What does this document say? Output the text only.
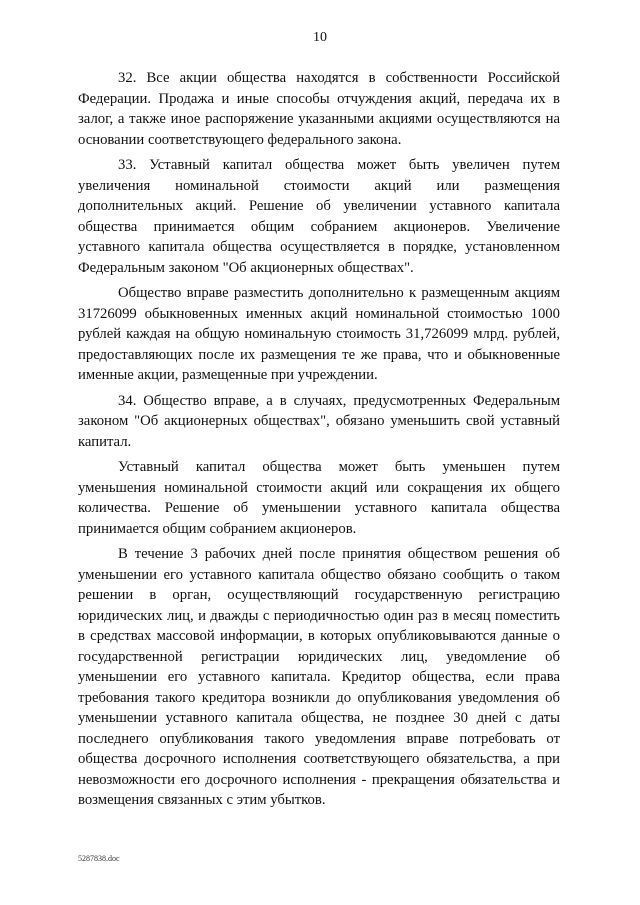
10

32. Все акции общества находятся в собственности Российской Федерации. Продажа и иные способы отчуждения акций, передача их в залог, а также иное распоряжение указанными акциями осуществляются на основании соответствующего федерального закона.

33. Уставный капитал общества может быть увеличен путем увеличения номинальной стоимости акций или размещения дополнительных акций. Решение об увеличении уставного капитала общества принимается общим собранием акционеров. Увеличение уставного капитала общества осуществляется в порядке, установленном Федеральным законом "Об акционерных обществах".

Общество вправе разместить дополнительно к размещенным акциям 31726099 обыкновенных именных акций номинальной стоимостью 1000 рублей каждая на общую номинальную стоимость 31,726099 млрд. рублей, предоставляющих после их размещения те же права, что и обыкновенные именные акции, размещенные при учреждении.

34. Общество вправе, а в случаях, предусмотренных Федеральным законом "Об акционерных обществах", обязано уменьшить свой уставный капитал.

Уставный капитал общества может быть уменьшен путем уменьшения номинальной стоимости акций или сокращения их общего количества. Решение об уменьшении уставного капитала общества принимается общим собранием акционеров.

В течение 3 рабочих дней после принятия обществом решения об уменьшении его уставного капитала общество обязано сообщить о таком решении в орган, осуществляющий государственную регистрацию юридических лиц, и дважды с периодичностью один раз в месяц поместить в средствах массовой информации, в которых опубликовываются данные о государственной регистрации юридических лиц, уведомление об уменьшении его уставного капитала. Кредитор общества, если права требования такого кредитора возникли до опубликования уведомления об уменьшении уставного капитала общества, не позднее 30 дней с даты последнего опубликования такого уведомления вправе потребовать от общества досрочного исполнения соответствующего обязательства, а при невозможности его досрочного исполнения - прекращения обязательства и возмещения связанных с этим убытков.

5287838.doc
